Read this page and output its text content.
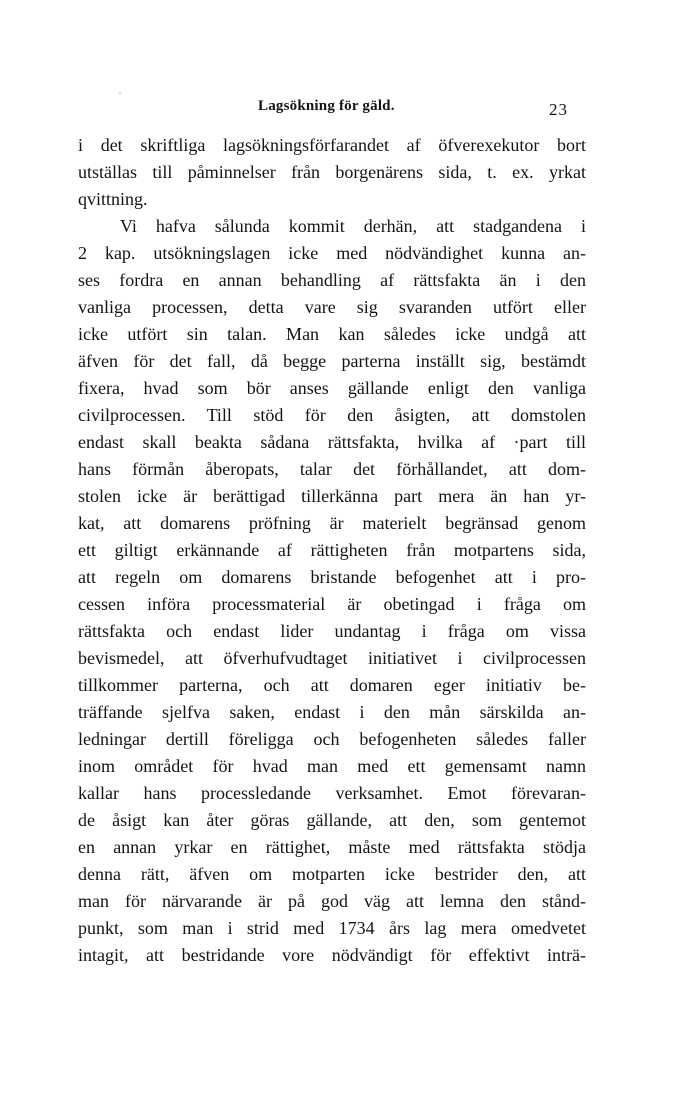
Lagsökning för gäld.	23
i det skriftliga lagsökningsförfarandet af öfverexekutor bort
utställas till påminnelser från borgenärens sida, t. ex. yrkat
qvittning.
Vi hafva sålunda kommit derhän, att stadgandena i
2 kap. utsökningslagen icke med nödvändighet kunna an-
ses fordra en annan behandling af rättsfakta än i den
vanliga processen, detta vare sig svaranden utfört eller
icke utfört sin talan. Man kan således icke undgå att
äfven för det fall, då begge parterna inställt sig, bestämdt
fixera, hvad som bör anses gällande enligt den vanliga
civilprocessen. Till stöd för den åsigten, att domstolen
endast skall beakta sådana rättsfakta, hvilka af ·part till
hans förmån åberopats, talar det förhållandet, att dom-
stolen icke är berättigad tillerkänna part mera än han yr-
kat, att domarens pröfning är materielt begränsad genom
ett giltigt erkännande af rättigheten från motpartens sida,
att regeln om domarens bristande befogenhet att i pro-
cessen införa processmaterial är obetingad i fråga om
rättsfakta och endast lider undantag i fråga om vissa
bevismedel, att öfverhufvudtaget initiativet i civilprocessen
tillkommer parterna, och att domaren eger initiativ be-
träffande sjelfva saken, endast i den mån särskilda an-
ledningar dertill föreligga och befogenheten således faller
inom området för hvad man med ett gemensamt namn
kallar hans processledande verksamhet. Emot förevaran-
de åsigt kan åter göras gällande, att den, som gentemot
en annan yrkar en rättighet, måste med rättsfakta stödja
denna rätt, äfven om motparten icke bestrider den, att
man för närvarande är på god väg att lemna den stånd-
punkt, som man i strid med 1734 års lag mera omedvetet
intagit, att bestridande vore nödvändigt för effektivt inträ-
